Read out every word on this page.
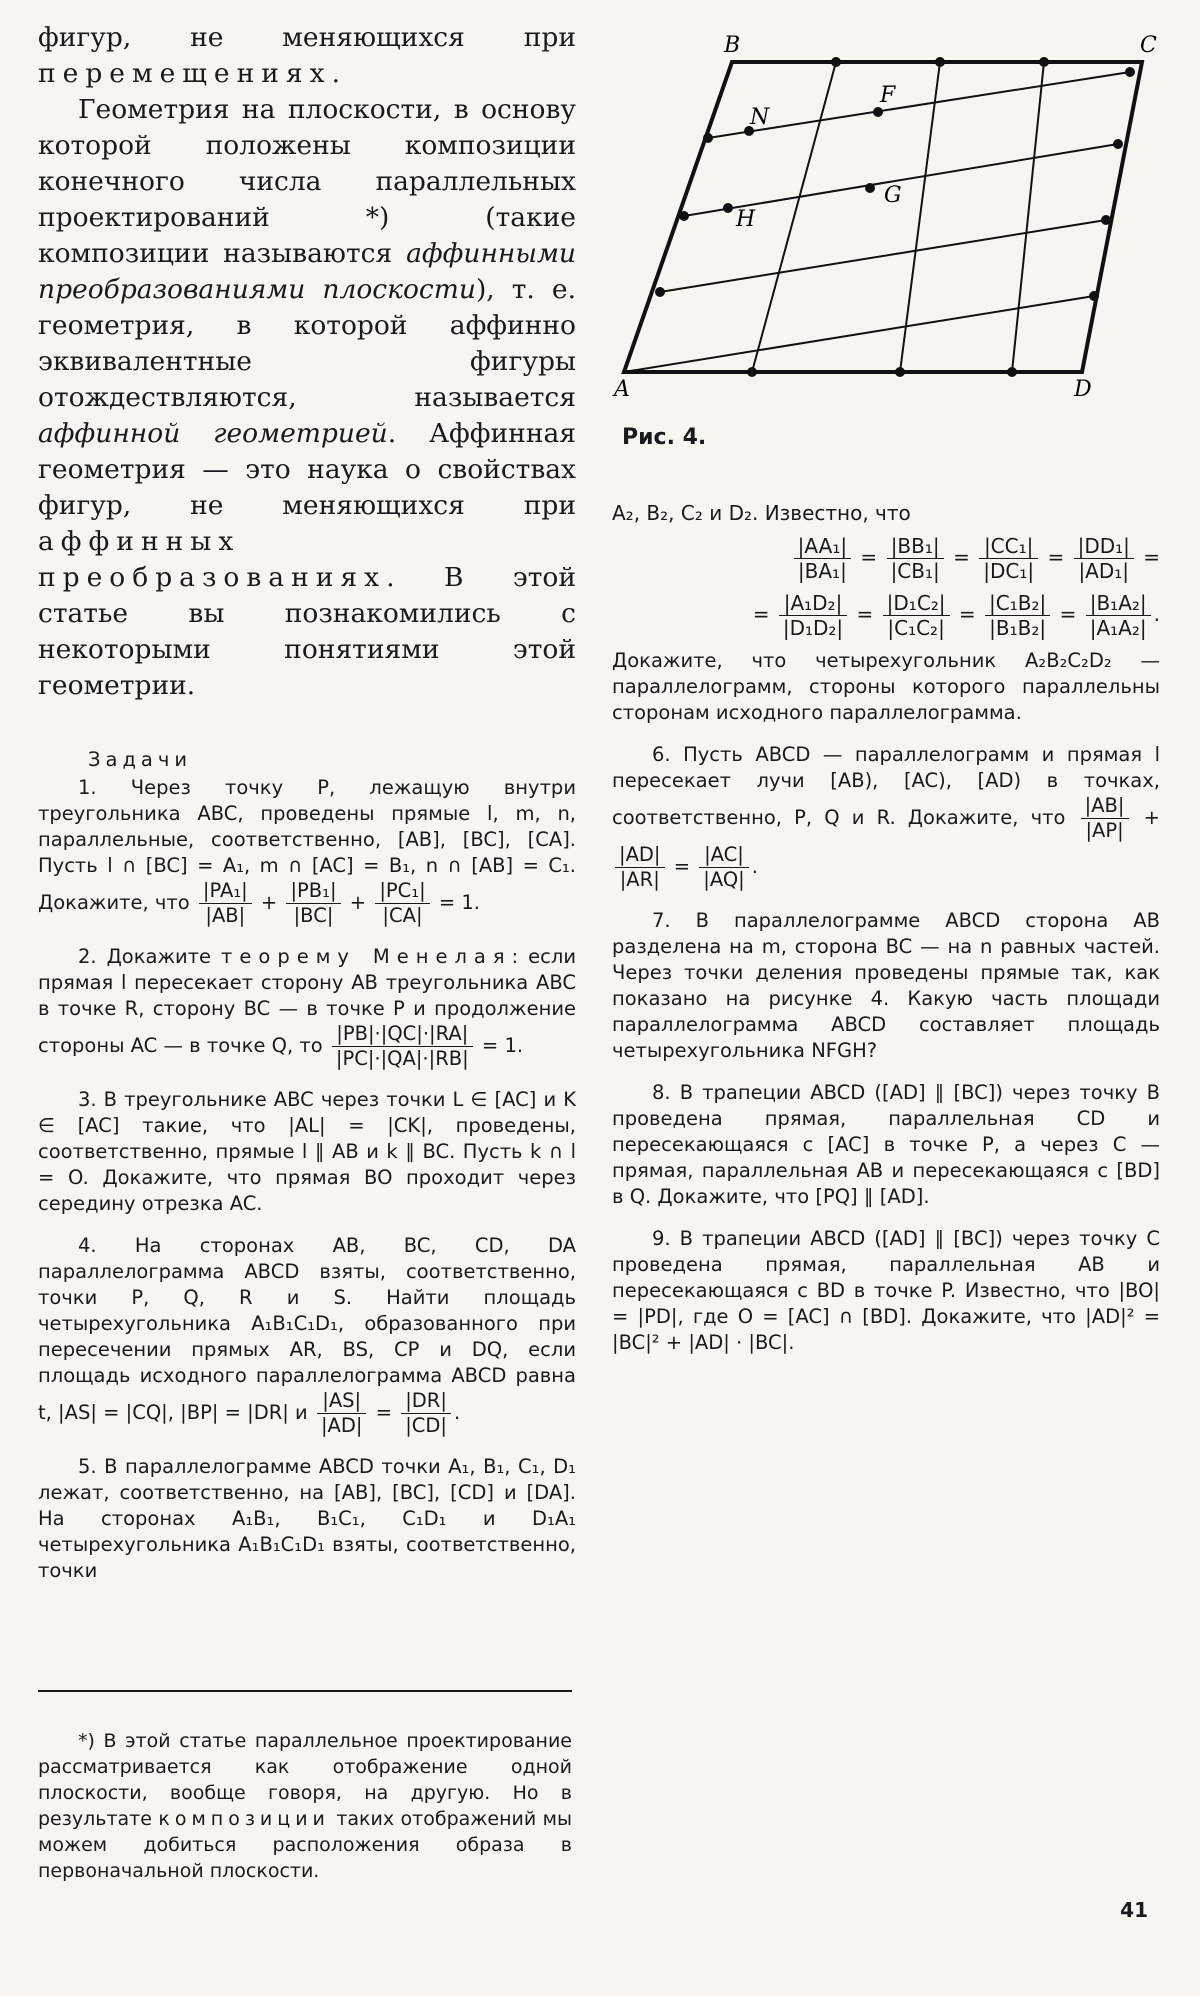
фигур, не меняющихся при перемещениях.

Геометрия на плоскости, в основу которой положены композиции конечного числа параллельных проектирований *) (такие композиции называются аффинными преобразованиями плоскости), т. е. геометрия, в которой аффинно эквивалентные фигуры отождествляются, называется аффинной геометрией. Аффинная геометрия — это наука о свойствах фигур, не меняющихся при аффинных преобразованиях. В этой статье вы познакомились с некоторыми понятиями этой геометрии.

Задачи

1. Через точку P, лежащую внутри треугольника ABC, проведены прямые l, m, n, параллельные, соответственно, [AB], [BC], [CA]. Пусть l ∩ [BC] = A₁, m ∩ [AC] = B₁, n ∩ [AB] = C₁. Докажите, что $\frac{\text{|PA₁|}}{|AB|} + \frac{\text{|PB₁|}}{|BC|} + \frac{\text{|PC₁|}}{|CA|} = 1$.

2. Докажите теорему Менелая: если прямая l пересекает сторону AB треугольника ABC в точке R, сторону BC — в точке P и продолжение стороны AC — в точке Q, то $\frac{|PB|\cdot|QC|\cdot|RA|}{|PC|\cdot|QA|\cdot|RB|} = 1$.

3. В треугольнике ABC через точки L ∈ [AC] и K ∈ [AC] такие, что |AL| = |CK|, проведены, соответственно, прямые l ∥ AB и k ∥ BC. Пусть k ∩ l = O. Докажите, что прямая BO проходит через середину отрезка AC.

4. На сторонах AB, BC, CD, DA параллелограмма ABCD взяты, соответственно, точки P, Q, R и S. Найти площадь четырехугольника A₁B₁C₁D₁, образованного при пересечении прямых AR, BS, CP и DQ, если площадь исходного параллелограмма ABCD равна t, |AS| = |CQ|, |BP| = |DR| и $\frac{|AS|}{|AD|} = \frac{|DR|}{|CD|}$ .

5. В параллелограмме ABCD точки A₁, B₁, C₁, D₁ лежат, соответственно, на [AB], [BC], [CD] и [DA]. На сторонах A₁B₁, B₁C₁, C₁D₁ и D₁A₁ четырехугольника A₁B₁C₁D₁ взяты, соответственно, точки

B	C
A	D
N
F
G
H
Рис. 4.
A₂, B₂, C₂ и D₂. Известно, что
$\frac{\text{|AA₁|}}{\text{|BA₁|}} = \frac{\text{|BB₁|}}{\text{|CB₁|}} = \frac{\text{|CC₁|}}{\text{|DC₁|}} = \frac{\text{|DD₁|}}{\text{|AD₁|}}$ =
= $\frac{\text{|A₁D₂|}}{\text{|D₁D₂|}} = \frac{\text{|D₁C₂|}}{\text{|C₁C₂|}} = \frac{\text{|C₁B₂|}}{\text{|B₁B₂|}} = \frac{\text{|B₁A₂|}}{\text{|A₁A₂|}}$ .

Докажите, что четырехугольник A₂B₂C₂D₂ — параллелограмм, стороны которого параллельны сторонам исходного параллелограмма.

6. Пусть ABCD — параллелограмм и прямая l пересекает лучи [AB), [AC), [AD) в точках, соответственно, P, Q и R. Докажите, что $\frac{|AB|}{|AP|}$ +
$\frac{|AD|}{|AR|} = \frac{|AC|}{|AQ|}$ .

7. В параллелограмме ABCD сторона AB разделена на m, сторона BC — на n равных частей. Через точки деления проведены прямые так, как показано на рисунке 4. Какую часть площади параллелограмма ABCD составляет площадь четырехугольника NFGH?

8. В трапеции ABCD ([AD] ∥ [BC]) через точку B проведена прямая, параллельная CD и пересекающаяся с [AC] в точке P, а через C — прямая, параллельная AB и пересекающаяся с [BD] в Q. Докажите, что [PQ] ∥ [AD].

9. В трапеции ABCD ([AD] ∥ [BC]) через точку C проведена прямая, параллельная AB и пересекающаяся с BD в точке P. Известно, что |BO| = |PD|, где O = [AC] ∩ [BD]. Докажите, что |AD|² = |BC|² + |AD| · |BC|.

*) В этой статье параллельное проектирование рассматривается как отображение одной плоскости, вообще говоря, на другую. Но в результате композиции таких отображений мы можем добиться расположения образа в первоначальной плоскости.

41
